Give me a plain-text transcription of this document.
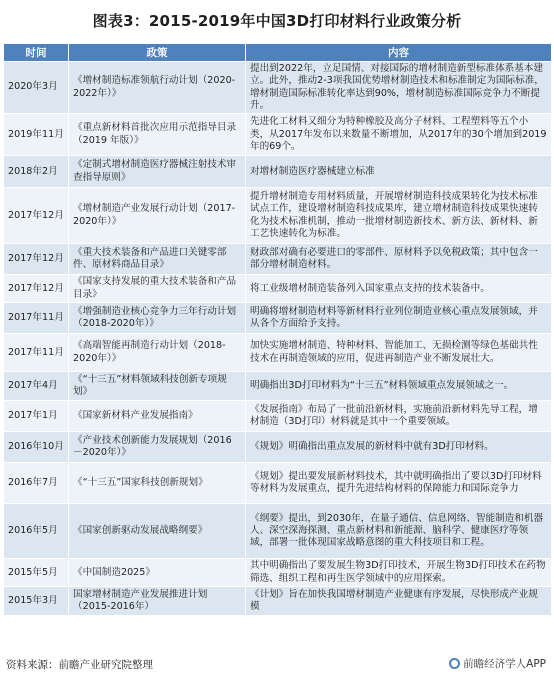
图表3：2015-2019年中国3D打印材料行业政策分析
时间	政策	内容
2020年3月	《增材制造标准领航行动计划（2020-2022年）》	提出到2022年，立足国情、对接国际的增材制造新型标准体系基本建立。此外，推动2-3项我国优势增材制造技术和标准制定为国际标准，增材制造国际标准转化率达到90%，增材制造标准国际竞争力不断提升。
2019年11月	《重点新材料首批次应用示范指导目录（2019 年版）》	先进化工材料又细分为特种橡胶及高分子材料、工程塑料等五个小类，从2017年发布以来数量不断增加，从2017年的30个增加到2019年的69个。
2018年2月	《定制式增材制造医疗器械注射技术审查指导原则》	对增材制造医疗器械建立标准
2017年12月	《增材制造产业发展行动计划（2017-2020年）》	提升增材制造专用材料质量，开展增材制造科技成果转化为技术标准试点工作，建设增材制造科技成果库，建立增材制造科技成果快速转化为技术标准机制，推动一批增材制造新技术、新方法、新材料、新工艺快速转化为标准。
2017年12月	《重大技术装备和产品进口关键零部件、原材料商品目录》	财政部对确有必要进口的零部件、原材料予以免税政策；其中包含一部分增材制造材料。
2017年12月	《国家支持发展的重大技术装备和产品目录》	将工业级增材制造装备列入国家重点支持的技术装备中。
2017年11月	《增强制造业核心竞争力三年行动计划（2018-2020年）》	明确将增材制造材料等新材料行业列位制造业核心重点发展领域，并从各个方面给予支持。
2017年11月	《高端智能再制造行动计划（2018-2020年）》	加快实施增材制造、特种材料、智能加工、无损检测等绿色基础共性技术在再制造领域的应用，促进再制造产业不断发展壮大。
2017年4月	《“十三五”材料领域科技创新专项规划》	明确指出3D打印材料为“十三五”材料领域重点发展领域之一。
2017年1月	《国家新材料产业发展指南》	《发展指南》布局了一批前沿新材料，实施前沿新材料先导工程，增材制造（3D打印）材料就是其中一个重要领域。
2016年10月	《产业技术创新能力发展规划（2016－2020年）》	《规划》明确指出重点发展的新材料中就有3D打印材料。
2016年7月	《“十三五”国家科技创新规划》	《规划》提出要发展新材料技术，其中就明确指出了要以3D打印材料等材料为发展重点，提升先进结构材料的保障能力和国际竞争力
2016年5月	《国家创新驱动发展战略纲要》	《纲要》提出，到2030年，在量子通信、信息网络、智能制造和机器人、深空深海探测、重点新材料和新能源、脑科学、健康医疗等领域，部署一批体现国家战略意图的重大科技项目和工程。
2015年5月	《中国制造2025》	其中明确指出了要发展生物3D打印技术，开展生物3D打印技术在药物筛选、组织工程和再生医学领域中的应用探索。
2015年3月	国家增材制造产业发展推进计划（2015-2016年）	《计划》旨在加快我国增材制造产业健康有序发展，尽快形成产业规模
资料来源：前瞻产业研究院整理	前瞻经济学人APP
